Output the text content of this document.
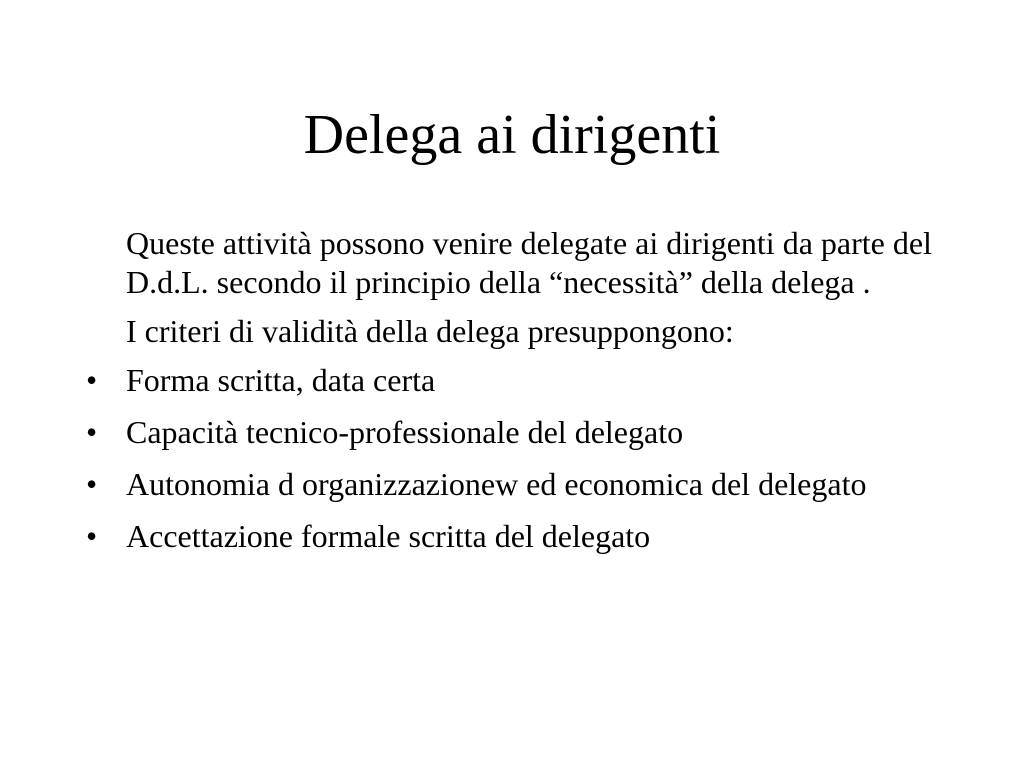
Delega ai dirigenti

Queste attività possono venire delegate ai dirigenti da parte del D.d.L. secondo il principio della “necessità” della delega .

I criteri di validità della delega presuppongono:

• Forma scritta, data certa
• Capacità tecnico-professionale del delegato
• Autonomia d organizzazionew ed economica del delegato
• Accettazione formale scritta del delegato
